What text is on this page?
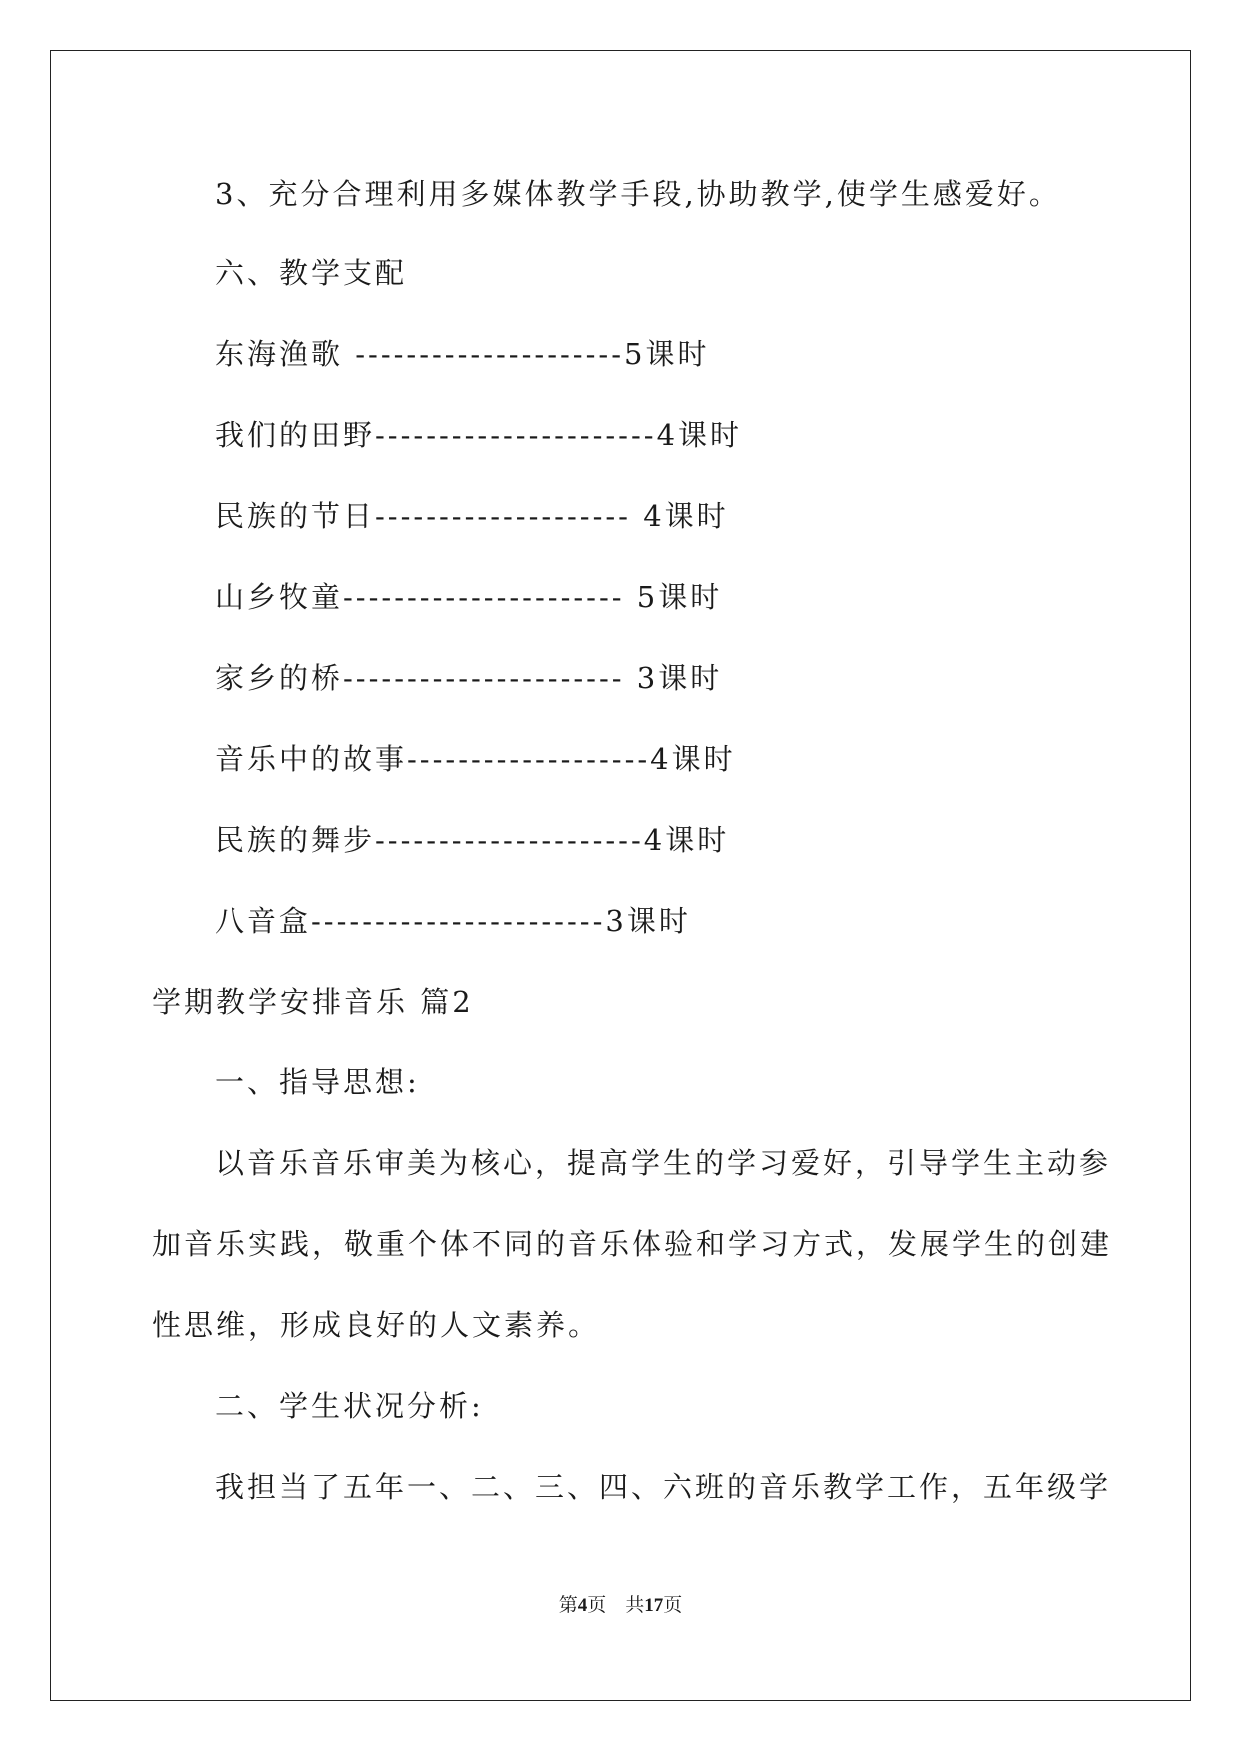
3、充分合理利用多媒体教学手段,协助教学,使学生感爱好。
六、教学支配
东海渔歌 ---------------------5课时
我们的田野----------------------4课时
民族的节日-------------------- 4课时
山乡牧童---------------------- 5课时
家乡的桥---------------------- 3课时
音乐中的故事-------------------4课时
民族的舞步---------------------4课时
八音盒-----------------------3课时
学期教学安排音乐 篇2
一、指导思想:
以音乐音乐审美为核心，提高学生的学习爱好，引导学生主动参
加音乐实践，敬重个体不同的音乐体验和学习方式，发展学生的创建
性思维，形成良好的人文素养。
二、学生状况分析:
我担当了五年一、二、三、四、六班的音乐教学工作，五年级学
第4页　共17页
